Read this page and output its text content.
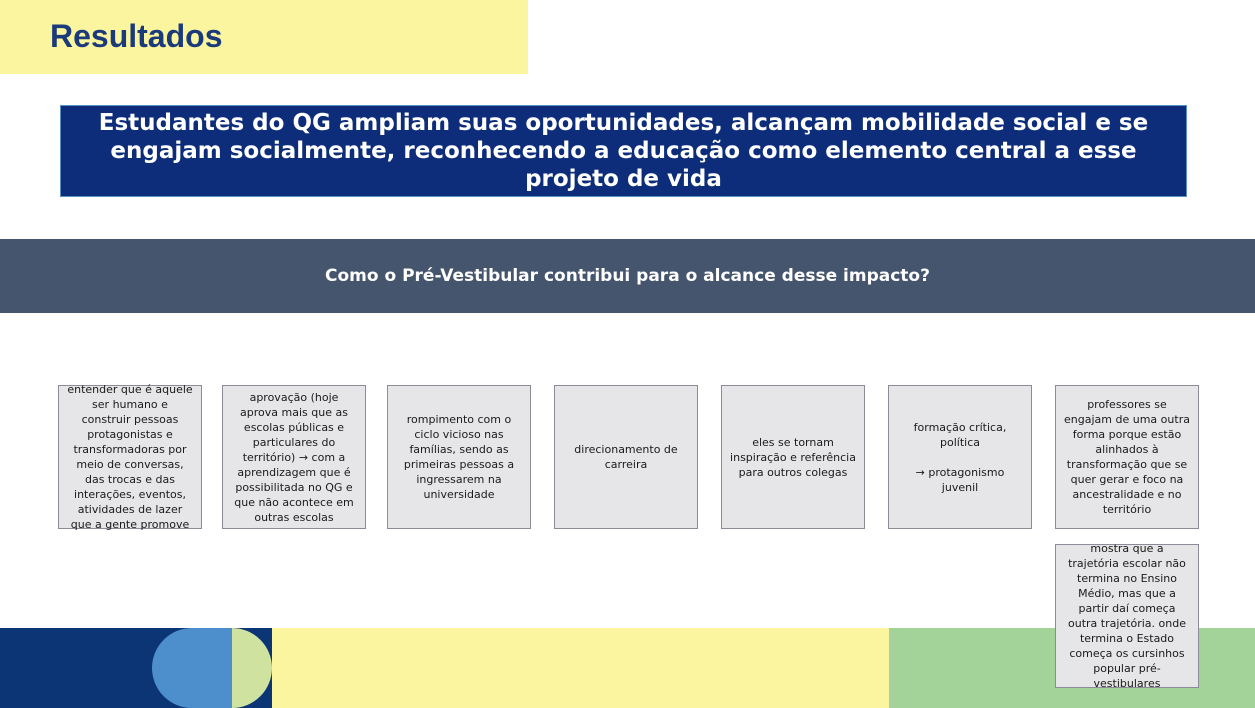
Resultados
Estudantes do QG ampliam suas oportunidades, alcançam mobilidade social e se engajam socialmente, reconhecendo a educação como elemento central a esse projeto de vida
Como o Pré-Vestibular contribui para o alcance desse impacto?
entender que é aquele ser humano e construir pessoas protagonistas e transformadoras por meio de conversas, das trocas e das interações, eventos, atividades de lazer que a gente promove
aprovação (hoje aprova mais que as escolas públicas e particulares do território) → com a aprendizagem que é possibilitada no QG e que não acontece em outras escolas
rompimento com o ciclo vicioso nas famílias, sendo as primeiras pessoas a ingressarem na universidade
direcionamento de carreira
eles se tornam inspiração e referência para outros colegas
formação crítica, política

→ protagonismo juvenil
professores se engajam de uma outra forma porque estão alinhados à transformação que se quer gerar e foco na ancestralidade e no território
mostra que a trajetória escolar não termina no Ensino Médio, mas que a partir daí começa outra trajetória. onde termina o Estado começa os cursinhos popular pré-vestibulares
